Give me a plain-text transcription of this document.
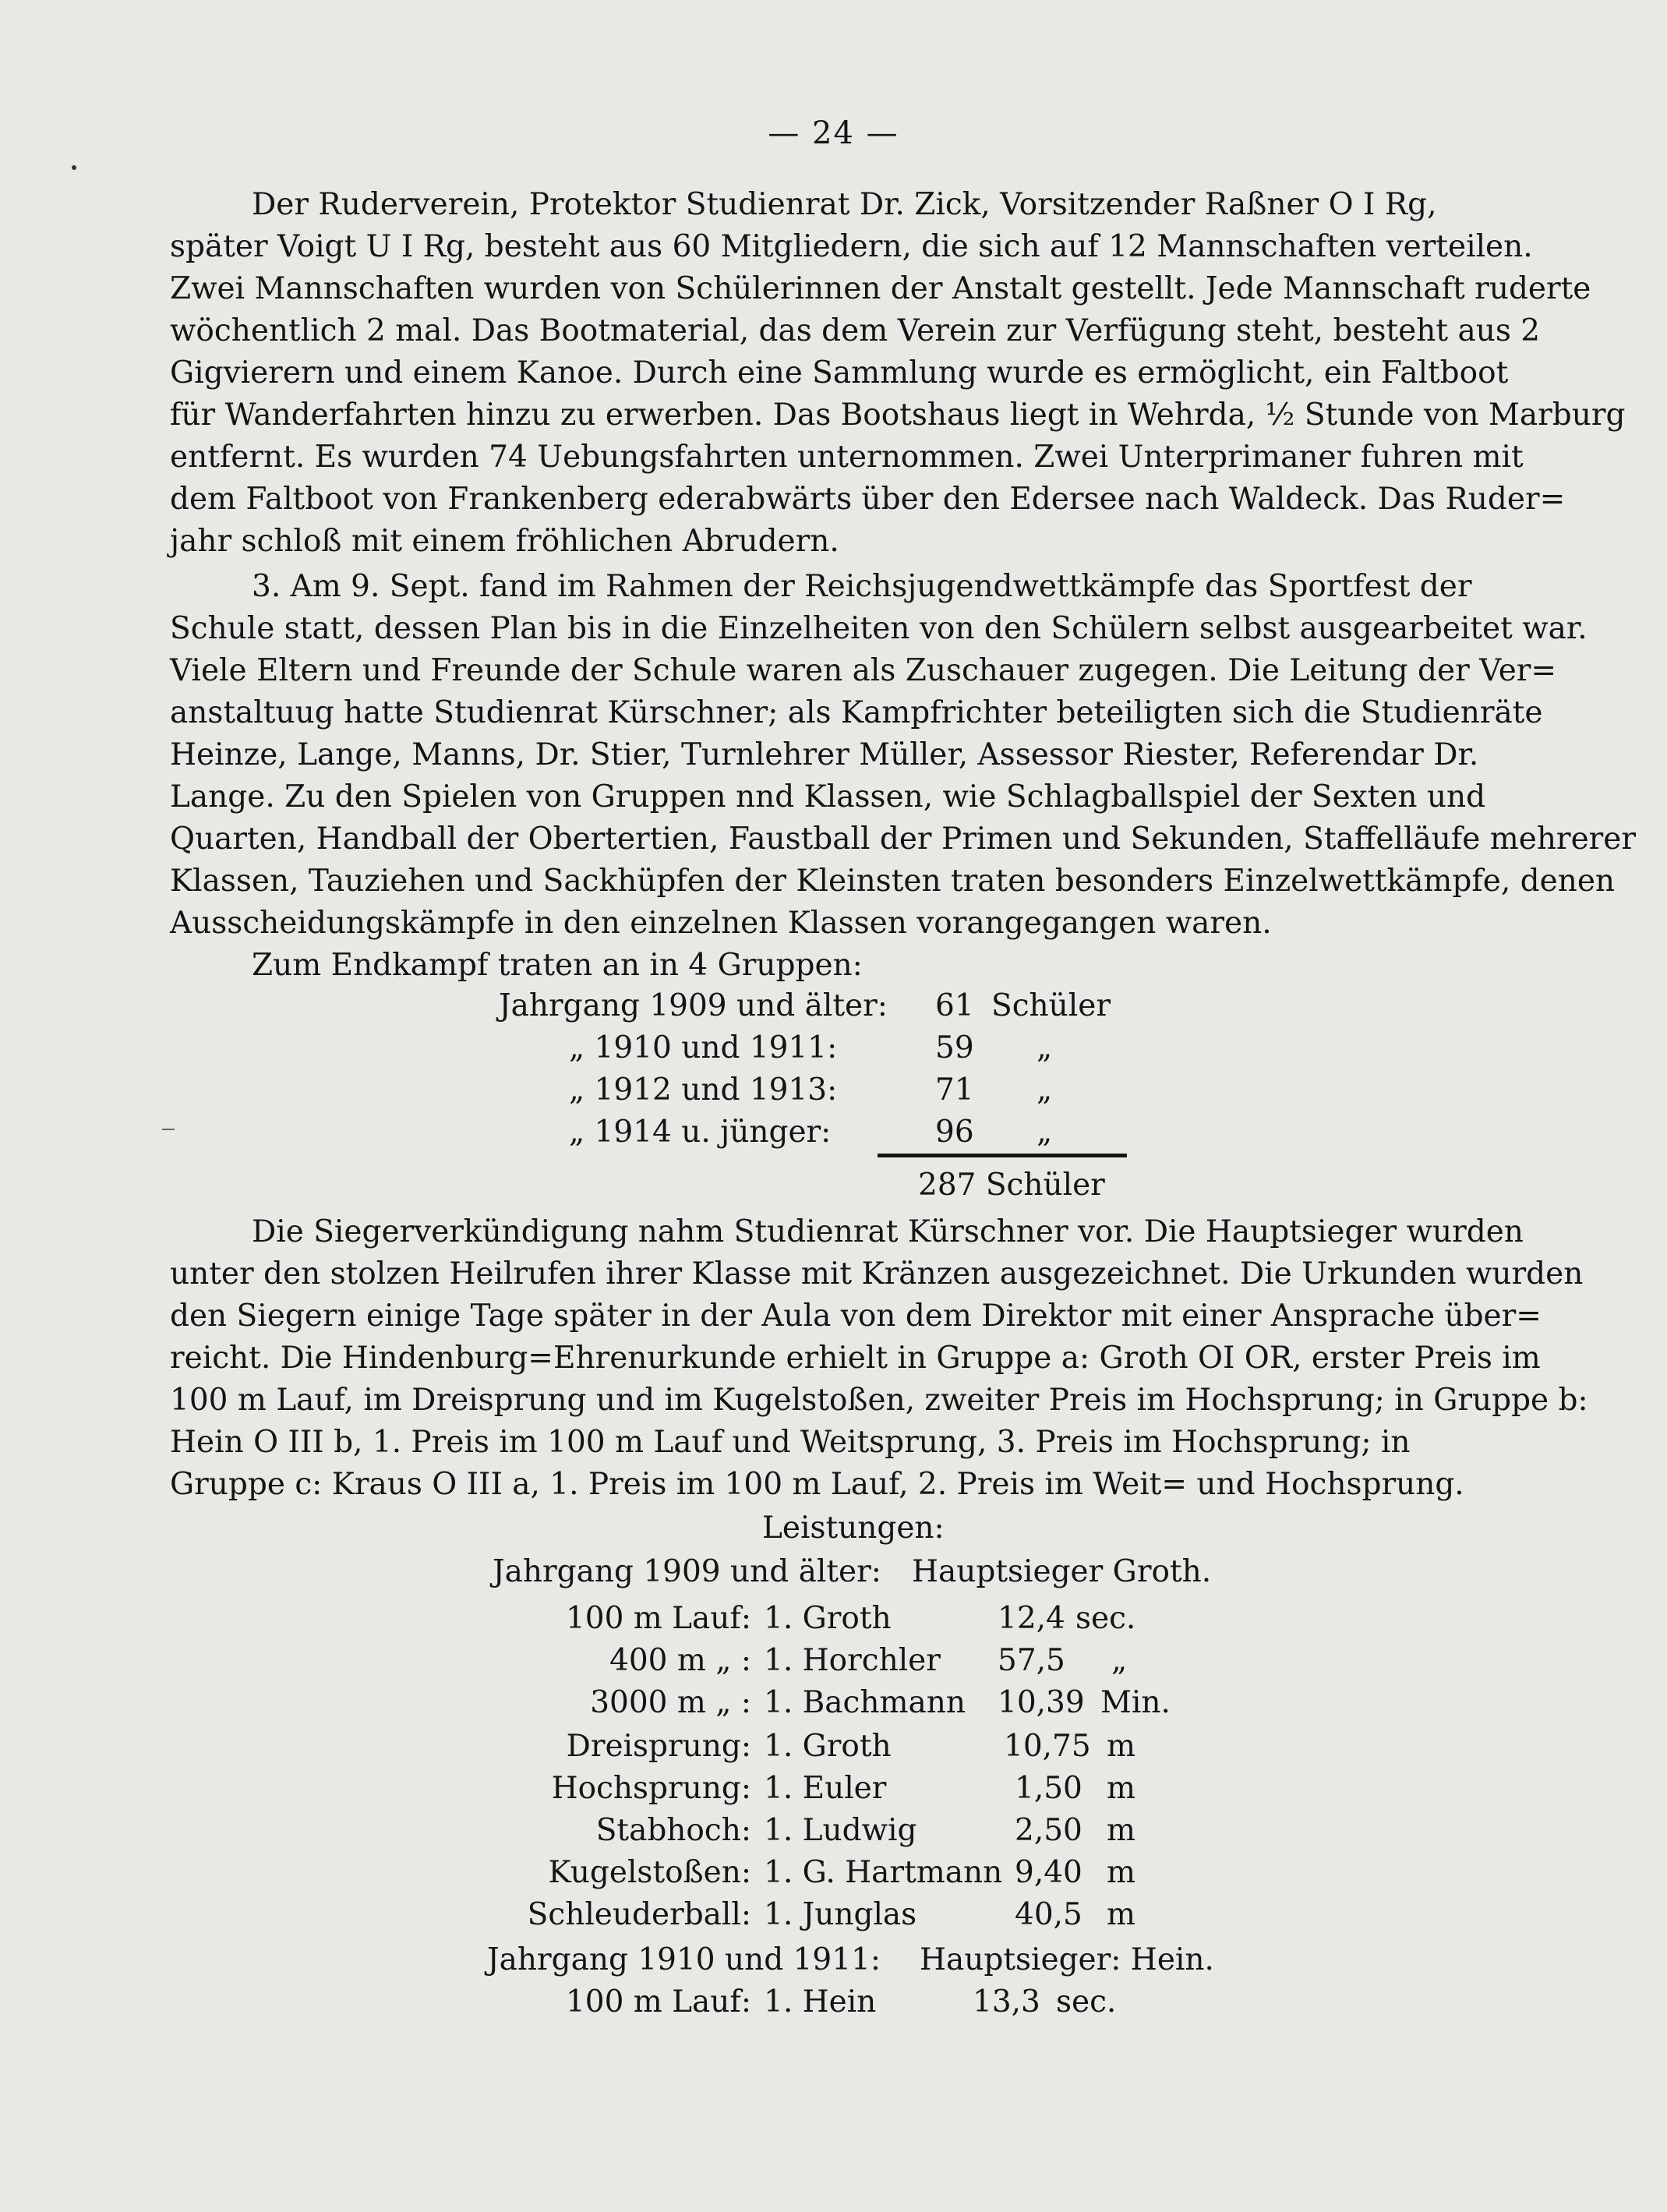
— 24 —
Der Ruderverein, Protektor Studienrat Dr. Zick, Vorsitzender Raßner O I Rg,
später Voigt U I Rg, besteht aus 60 Mitgliedern, die sich auf 12 Mannschaften verteilen.
Zwei Mannschaften wurden von Schülerinnen der Anstalt gestellt. Jede Mannschaft ruderte
wöchentlich 2 mal. Das Bootmaterial, das dem Verein zur Verfügung steht, besteht aus 2
Gigvierern und einem Kanoe. Durch eine Sammlung wurde es ermöglicht, ein Faltboot
für Wanderfahrten hinzu zu erwerben. Das Bootshaus liegt in Wehrda, ½ Stunde von Marburg
entfernt. Es wurden 74 Uebungsfahrten unternommen. Zwei Unterprimaner fuhren mit
dem Faltboot von Frankenberg ederabwärts über den Edersee nach Waldeck. Das Ruder=
jahr schloß mit einem fröhlichen Abrudern.
3. Am 9. Sept. fand im Rahmen der Reichsjugendwettkämpfe das Sportfest der
Schule statt, dessen Plan bis in die Einzelheiten von den Schülern selbst ausgearbeitet war.
Viele Eltern und Freunde der Schule waren als Zuschauer zugegen. Die Leitung der Ver=
anstaltuug hatte Studienrat Kürschner; als Kampfrichter beteiligten sich die Studienräte
Heinze, Lange, Manns, Dr. Stier, Turnlehrer Müller, Assessor Riester, Referendar Dr.
Lange. Zu den Spielen von Gruppen nnd Klassen, wie Schlagballspiel der Sexten und
Quarten, Handball der Obertertien, Faustball der Primen und Sekunden, Staffelläufe mehrerer
Klassen, Tauziehen und Sackhüpfen der Kleinsten traten besonders Einzelwettkämpfe, denen
Ausscheidungskämpfe in den einzelnen Klassen vorangegangen waren.
Zum Endkampf traten an in 4 Gruppen:
Jahrgang 1909 und älter: 61 Schüler
„ 1910 und 1911:	59 „
„ 1912 und 1913:	71 „
„ 1914 u. jünger:	96 „
287 Schüler
Die Siegerverkündigung nahm Studienrat Kürschner vor. Die Hauptsieger wurden
unter den stolzen Heilrufen ihrer Klasse mit Kränzen ausgezeichnet. Die Urkunden wurden
den Siegern einige Tage später in der Aula von dem Direktor mit einer Ansprache über=
reicht. Die Hindenburg=Ehrenurkunde erhielt in Gruppe a: Groth OI OR, erster Preis im
100 m Lauf, im Dreisprung und im Kugelstoßen, zweiter Preis im Hochsprung; in Gruppe b:
Hein O III b, 1. Preis im 100 m Lauf und Weitsprung, 3. Preis im Hochsprung; in
Gruppe c: Kraus O III a, 1. Preis im 100 m Lauf, 2. Preis im Weit= und Hochsprung.
Leistungen:
Jahrgang 1909 und älter: Hauptsieger Groth.
100 m Lauf: 1. Groth	12,4 sec.
400 m „ : 1. Horchler 57,5 „
3000 m „ : 1. Bachmann 10,39 Min.
Dreisprung: 1. Groth	10,75 m
Hochsprung: 1. Euler	1,50 m
Stabhoch: 1. Ludwig	2,50 m
Kugelstoßen: 1. G. Hartmann 9,40 m
Schleuderball: 1. Junglas	40,5 m
Jahrgang 1910 und 1911: Hauptsieger: Hein.
100 m Lauf: 1. Hein	13,3 sec.
